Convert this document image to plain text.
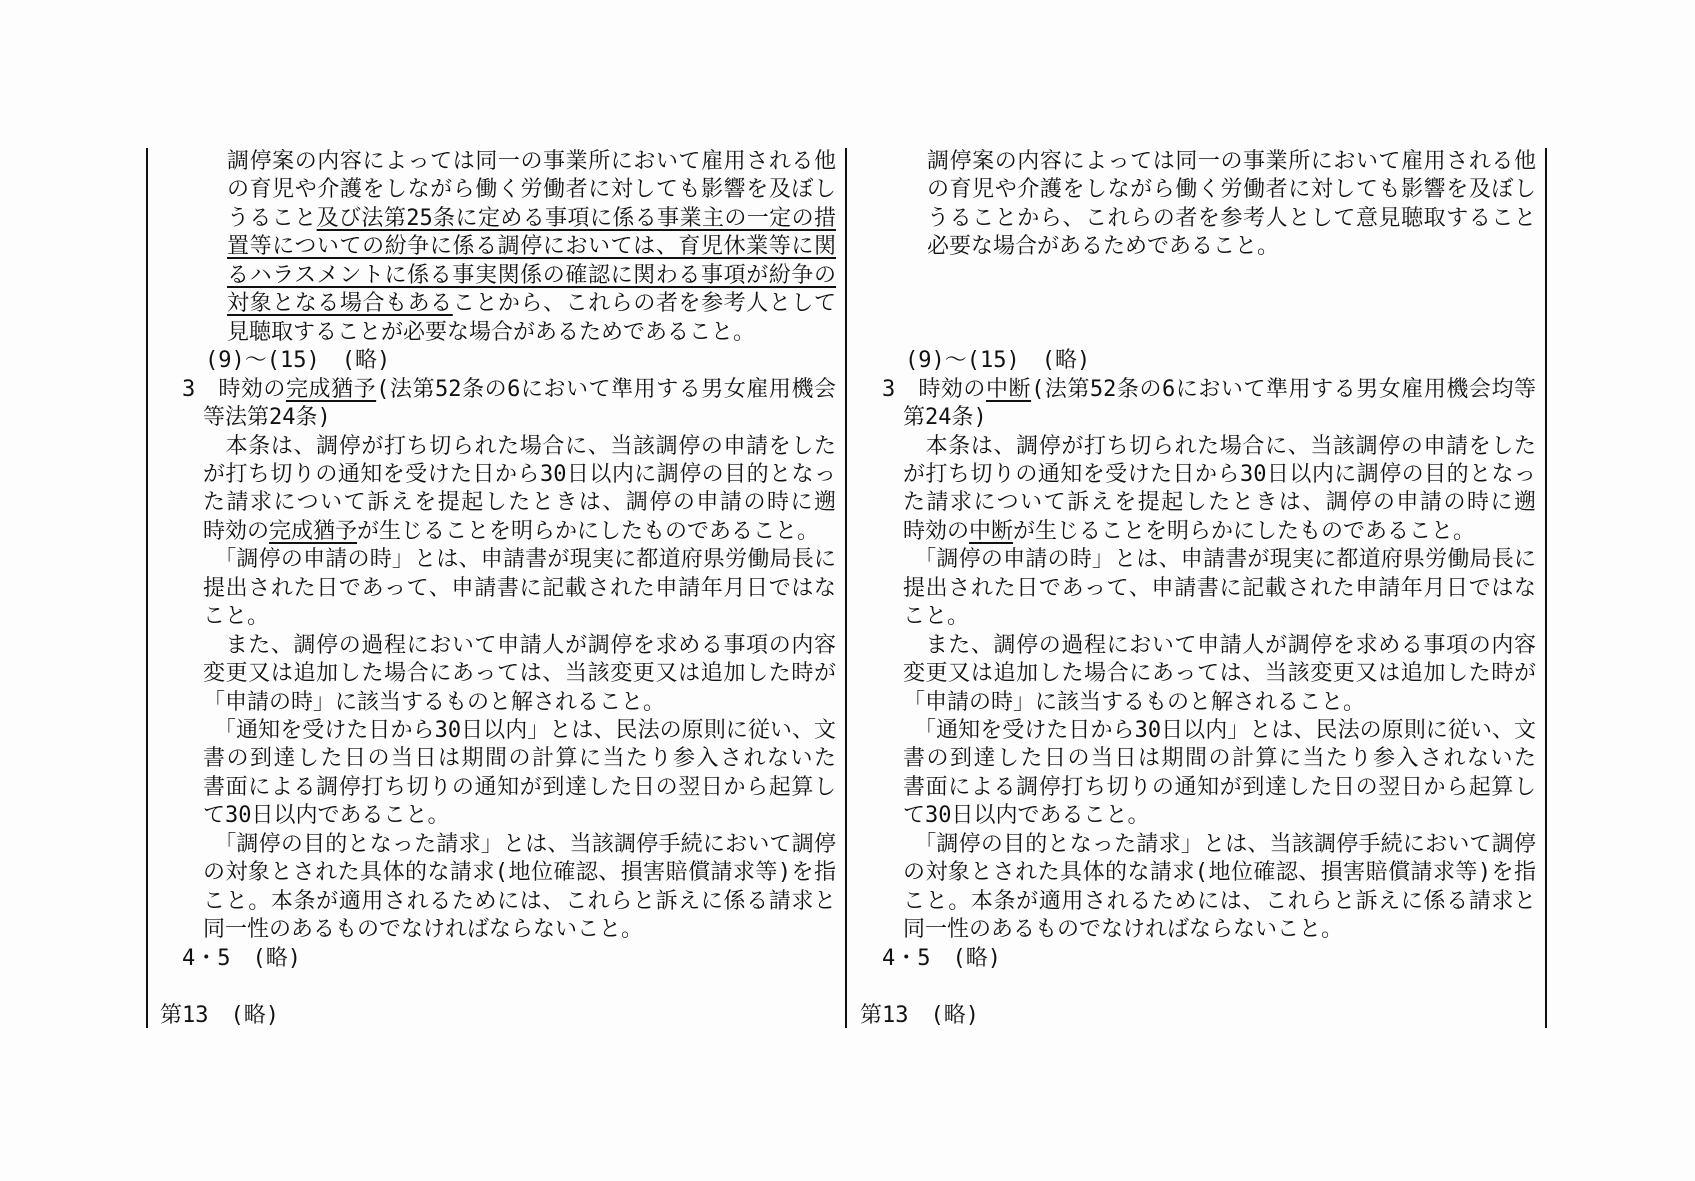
調停案の内容によっては同一の事業所において雇用される他
の育児や介護をしながら働く労働者に対しても影響を及ぼし
うること及び法第25条に定める事項に係る事業主の一定の措
置等についての紛争に係る調停においては、育児休業等に関
るハラスメントに係る事実関係の確認に関わる事項が紛争の
対象となる場合もあることから、これらの者を参考人として
見聴取することが必要な場合があるためであること。
(9)～(15)　(略)
3　時効の完成猶予(法第52条の6において準用する男女雇用機会
等法第24条)
　本条は、調停が打ち切られた場合に、当該調停の申請をした
が打ち切りの通知を受けた日から30日以内に調停の目的となっ
た請求について訴えを提起したときは、調停の申請の時に遡
時効の完成猶予が生じることを明らかにしたものであること。
　「調停の申請の時」とは、申請書が現実に都道府県労働局長に
提出された日であって、申請書に記載された申請年月日ではな
こと。
　また、調停の過程において申請人が調停を求める事項の内容
変更又は追加した場合にあっては、当該変更又は追加した時が
「申請の時」に該当するものと解されること。
　「通知を受けた日から30日以内」とは、民法の原則に従い、文
書の到達した日の当日は期間の計算に当たり参入されないた
書面による調停打ち切りの通知が到達した日の翌日から起算し
て30日以内であること。
　「調停の目的となった請求」とは、当該調停手続において調停
の対象とされた具体的な請求(地位確認、損害賠償請求等)を指
こと。本条が適用されるためには、これらと訴えに係る請求と
同一性のあるものでなければならないこと。
4・5　(略)
第13　(略)
調停案の内容によっては同一の事業所において雇用される他
の育児や介護をしながら働く労働者に対しても影響を及ぼし
うることから、これらの者を参考人として意見聴取すること
必要な場合があるためであること。
(9)～(15)　(略)
3　時効の中断(法第52条の6において準用する男女雇用機会均等
第24条)
　本条は、調停が打ち切られた場合に、当該調停の申請をした
が打ち切りの通知を受けた日から30日以内に調停の目的となっ
た請求について訴えを提起したときは、調停の申請の時に遡
時効の中断が生じることを明らかにしたものであること。
　「調停の申請の時」とは、申請書が現実に都道府県労働局長に
提出された日であって、申請書に記載された申請年月日ではな
こと。
　また、調停の過程において申請人が調停を求める事項の内容
変更又は追加した場合にあっては、当該変更又は追加した時が
「申請の時」に該当するものと解されること。
　「通知を受けた日から30日以内」とは、民法の原則に従い、文
書の到達した日の当日は期間の計算に当たり参入されないた
書面による調停打ち切りの通知が到達した日の翌日から起算し
て30日以内であること。
　「調停の目的となった請求」とは、当該調停手続において調停
の対象とされた具体的な請求(地位確認、損害賠償請求等)を指
こと。本条が適用されるためには、これらと訴えに係る請求と
同一性のあるものでなければならないこと。
4・5　(略)
第13　(略)
